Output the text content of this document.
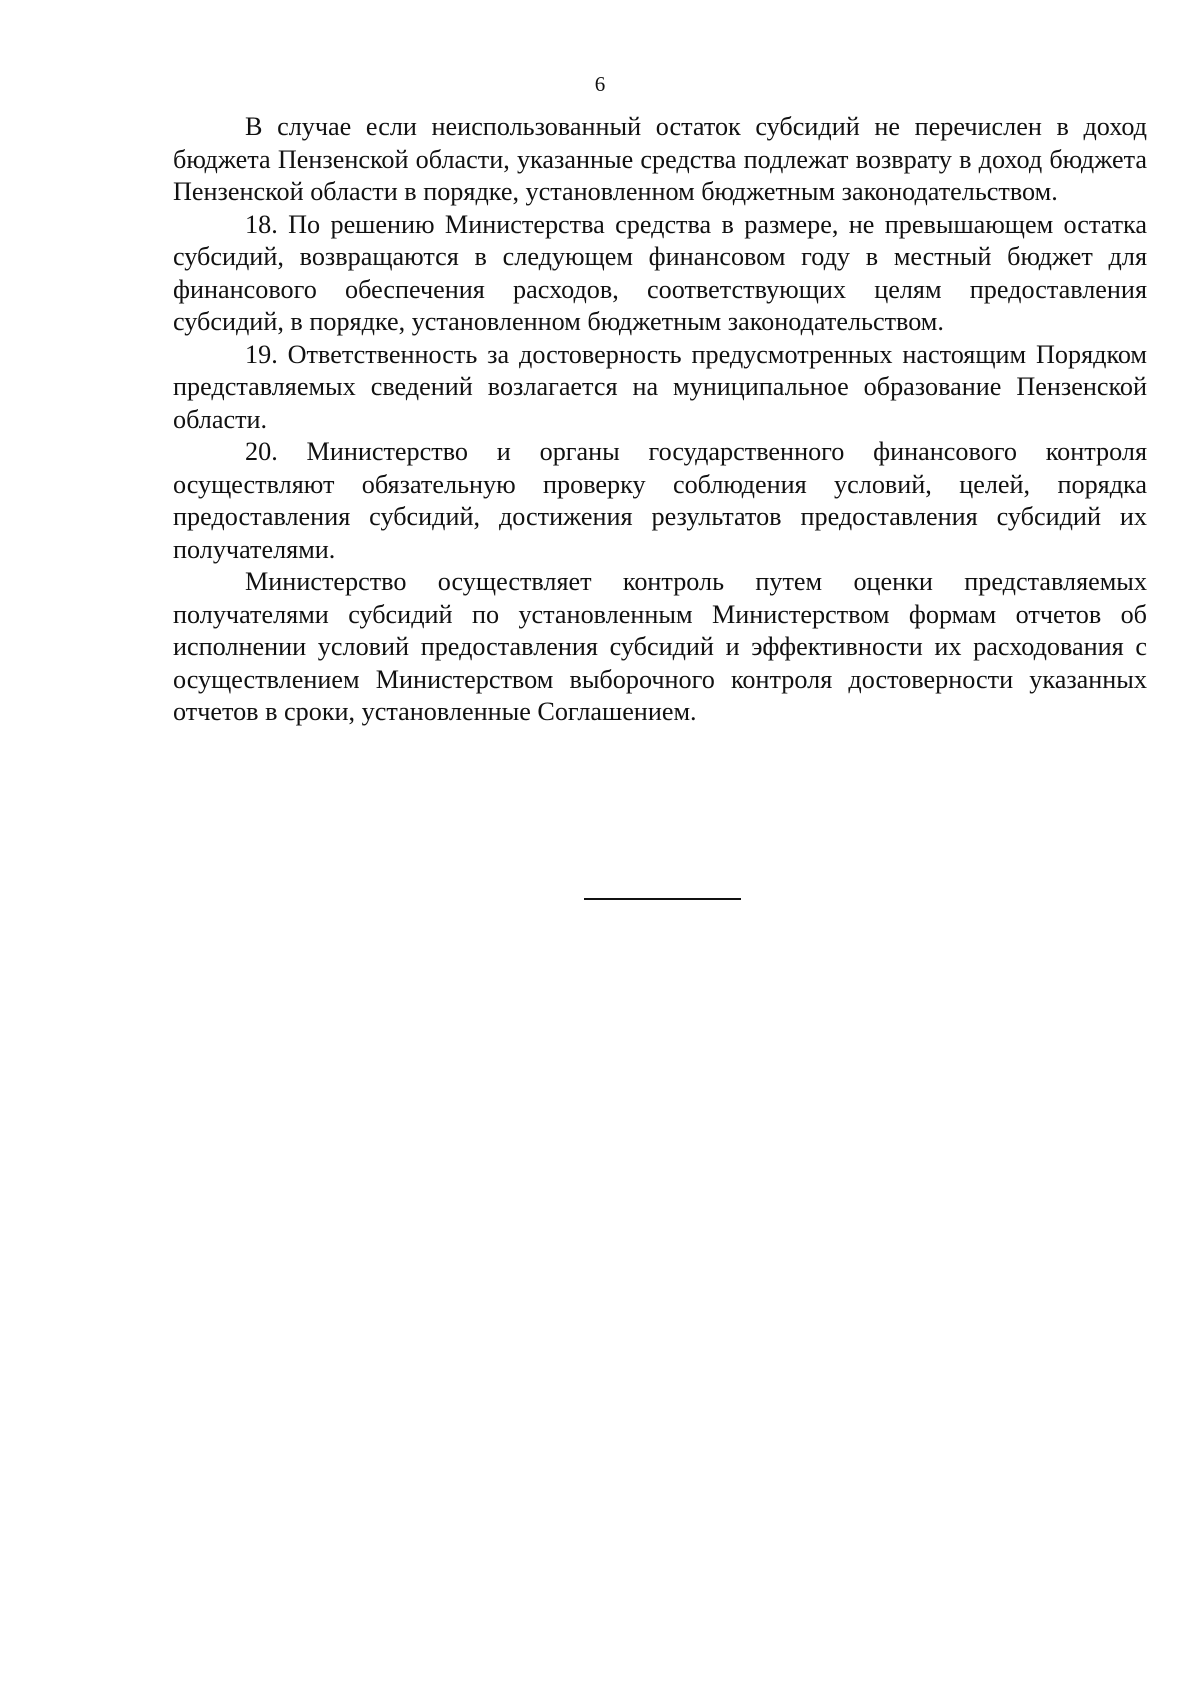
6

В случае если неиспользованный остаток субсидий не перечислен в доход бюджета Пензенской области, указанные средства подлежат возврату в доход бюджета Пензенской области в порядке, установленном бюджетным законодательством.

18. По решению Министерства средства в размере, не превышающем остатка субсидий, возвращаются в следующем финансовом году в местный бюджет для финансового обеспечения расходов, соответствующих целям предоставления субсидий, в порядке, установленном бюджетным законодательством.

19. Ответственность за достоверность предусмотренных настоящим Порядком представляемых сведений возлагается на муниципальное образование Пензенской области.

20. Министерство и органы государственного финансового контроля осуществляют обязательную проверку соблюдения условий, целей, порядка предоставления субсидий, достижения результатов предоставления субсидий их получателями.

Министерство осуществляет контроль путем оценки представляемых получателями субсидий по установленным Министерством формам отчетов об исполнении условий предоставления субсидий и эффективности их расходования с осуществлением Министерством выборочного контроля достоверности указанных отчетов в сроки, установленные Соглашением.
